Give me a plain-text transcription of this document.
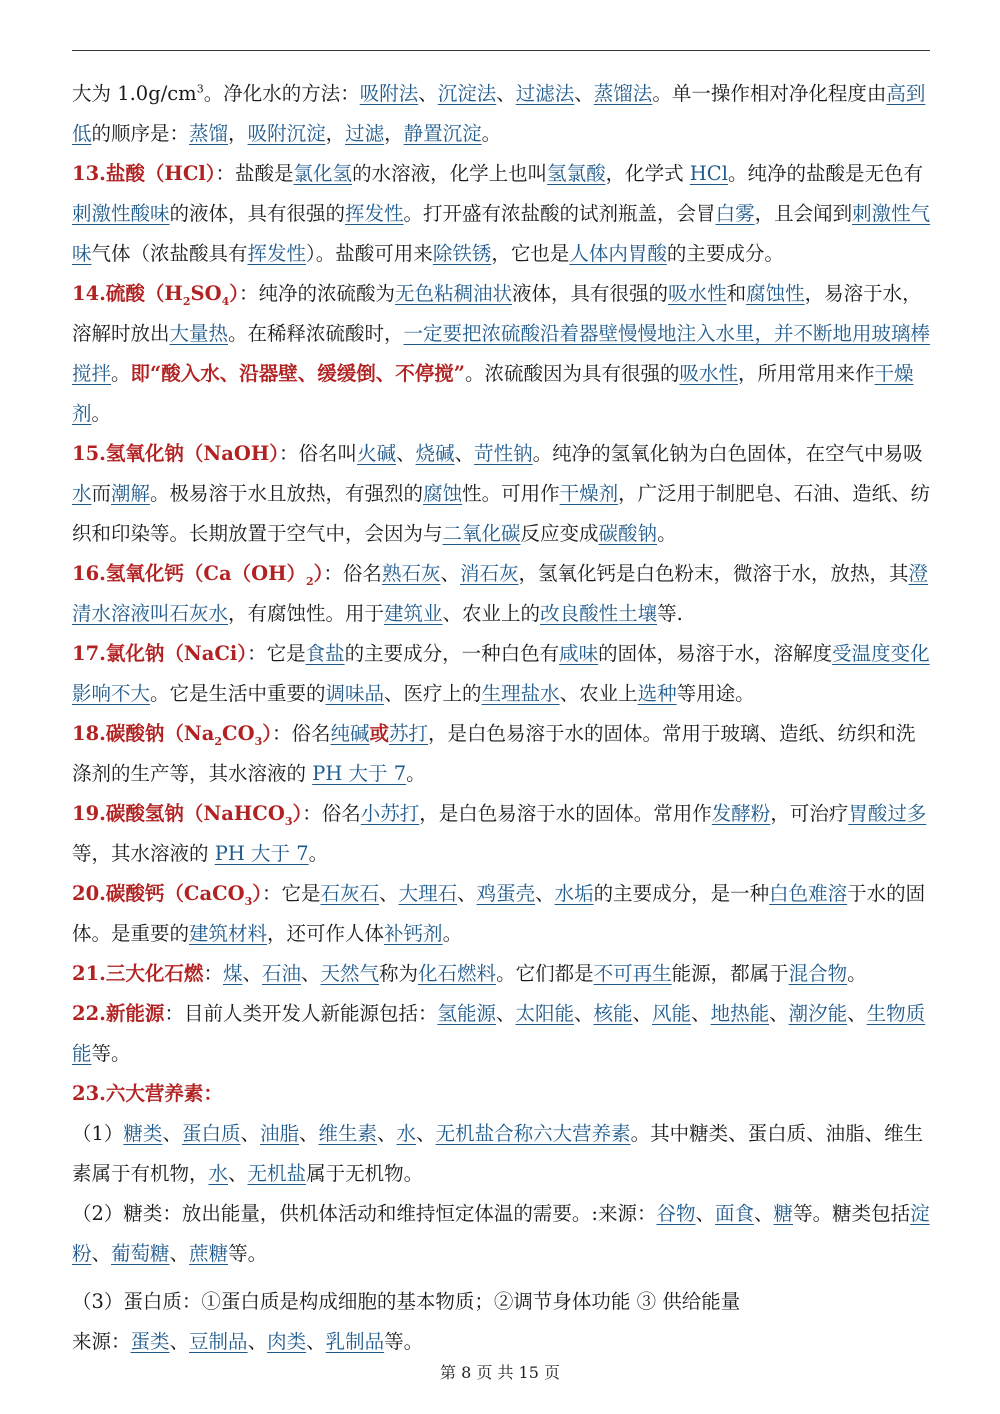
大为 $1.0g/cm^3$。净化水的方法：吸附法、沉淀法、过滤法、蒸馏法。单一操作相对净化程度由高到低的顺序是：蒸馏，吸附沉淀，过滤，静置沉淀。

13.盐酸（HCl）：盐酸是氯化氢的水溶液，化学上也叫氢氯酸，化学式 HCl。纯净的盐酸是无色有刺激性酸味的液体，具有很强的挥发性。打开盛有浓盐酸的试剂瓶盖，会冒白雾，且会闻到刺激性气味气体（浓盐酸具有挥发性）。盐酸可用来除铁锈，它也是人体内胃酸的主要成分。

14.硫酸$(H_2SO_4)$：纯净的浓硫酸为无色粘稠油状液体，具有很强的吸水性和腐蚀性，易溶于水，溶解时放出大量热。在稀释浓硫酸时，一定要把浓硫酸沿着器壁慢慢地注入水里，并不断地用玻璃棒搅拌。即“酸入水、沿器壁、缓缓倒、不停搅”。浓硫酸因为具有很强的吸水性，所用常用来作干燥剂。

15.氢氧化钠（NaOH）：俗名叫火碱、烧碱、苛性钠。纯净的氢氧化钠为白色固体，在空气中易吸水而潮解。极易溶于水且放热，有强烈的腐蚀性。可用作干燥剂，广泛用于制肥皂、石油、造纸、纺织和印染等。长期放置于空气中，会因为与二氧化碳反应变成碳酸钠。

16.氢氧化钙$(Ca(OH)_2)$：俗名熟石灰、消石灰，氢氧化钙是白色粉末，微溶于水，放热，其澄清水溶液叫石灰水，有腐蚀性。用于建筑业、农业上的改良酸性土壤等.

17.氯化钠（NaCi）：它是食盐的主要成分，一种白色有咸味的固体，易溶于水，溶解度受温度变化影响不大。它是生活中重要的调味品、医疗上的生理盐水、农业上选种等用途。

18.碳酸钠$(Na_2CO_3)$：俗名纯碱或苏打，是白色易溶于水的固体。常用于玻璃、造纸、纺织和洗涤剂的生产等，其水溶液的 PH 大于 7。

19.碳酸氢钠（NaHCO$_3$）：俗名小苏打，是白色易溶于水的固体。常用作发酵粉，可治疗胃酸过多等，其水溶液的 PH 大于 7。

20.碳酸钙（CaCO$_3$）：它是石灰石、大理石、鸡蛋壳、水垢的主要成分，是一种白色难溶于水的固体。是重要的建筑材料，还可作人体补钙剂。

21.三大化石燃：煤、石油、天然气称为化石燃料。它们都是不可再生能源，都属于混合物。

22.新能源：目前人类开发人新能源包括：氢能源、太阳能、核能、风能、地热能、潮汐能、生物质能等。

23.六大营养素：

（1）糖类、蛋白质、油脂、维生素、水、无机盐合称六大营养素。其中糖类、蛋白质、油脂、维生素属于有机物，水、无机盐属于无机物。

（2）糖类：放出能量，供机体活动和维持恒定体温的需要。:来源：谷物、面食、糖等。糖类包括淀粉、葡萄糖、蔗糖等。

（3）蛋白质：①蛋白质是构成细胞的基本物质；②调节身体功能 ③ 供给能量
来源：蛋类、豆制品、肉类、乳制品等。

第 8 页 共 15 页
